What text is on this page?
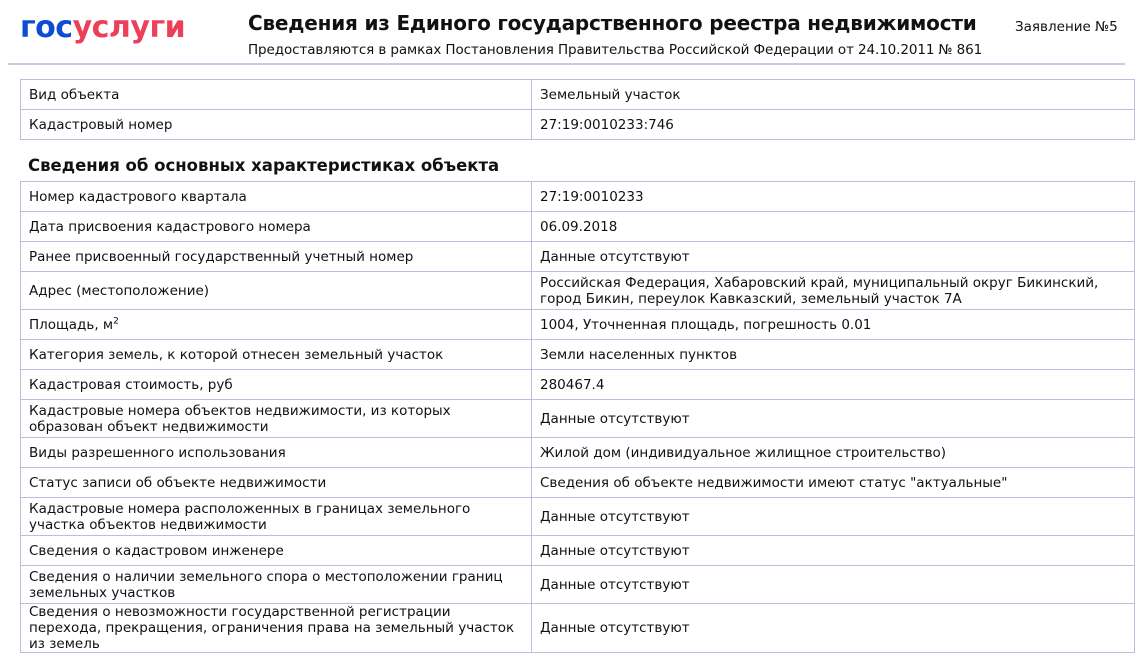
госуслуги	Сведения из Единого государственного реестра недвижимости
Предоставляются в рамках Постановления Правительства Российской Федерации от 24.10.2011 № 861
Заявление №5
Вид объекта	Земельный участок
Кадастровый номер	27:19:0010233:746
Сведения об основных характеристиках объекта
Номер кадастрового квартала	27:19:0010233
Дата присвоения кадастрового номера	06.09.2018
Ранее присвоенный государственный учетный номер	Данные отсутствуют
Адрес (местоположение)	Российская Федерация, Хабаровский край, муниципальный округ Бикинский, город Бикин, переулок Кавказский, земельный участок 7А
Площадь, $м^2$	1004, Уточненная площадь, погрешность 0.01
Категория земель, к которой отнесен земельный участок	Земли населенных пунктов
Кадастровая стоимость, руб	280467.4
Кадастровые номера объектов недвижимости, из которых образован объект недвижимости	Данные отсутствуют
Виды разрешенного использования	Жилой дом (индивидуальное жилищное строительство)
Статус записи об объекте недвижимости	Сведения об объекте недвижимости имеют статус "актуальные"
Кадастровые номера расположенных в границах земельного участка объектов недвижимости	Данные отсутствуют
Сведения о кадастровом инженере	Данные отсутствуют
Сведения о наличии земельного спора о местоположении границ земельных участков	Данные отсутствуют
Сведения о невозможности государственной регистрации перехода, прекращения, ограничения права на земельный участок из земель	Данные отсутствуют
